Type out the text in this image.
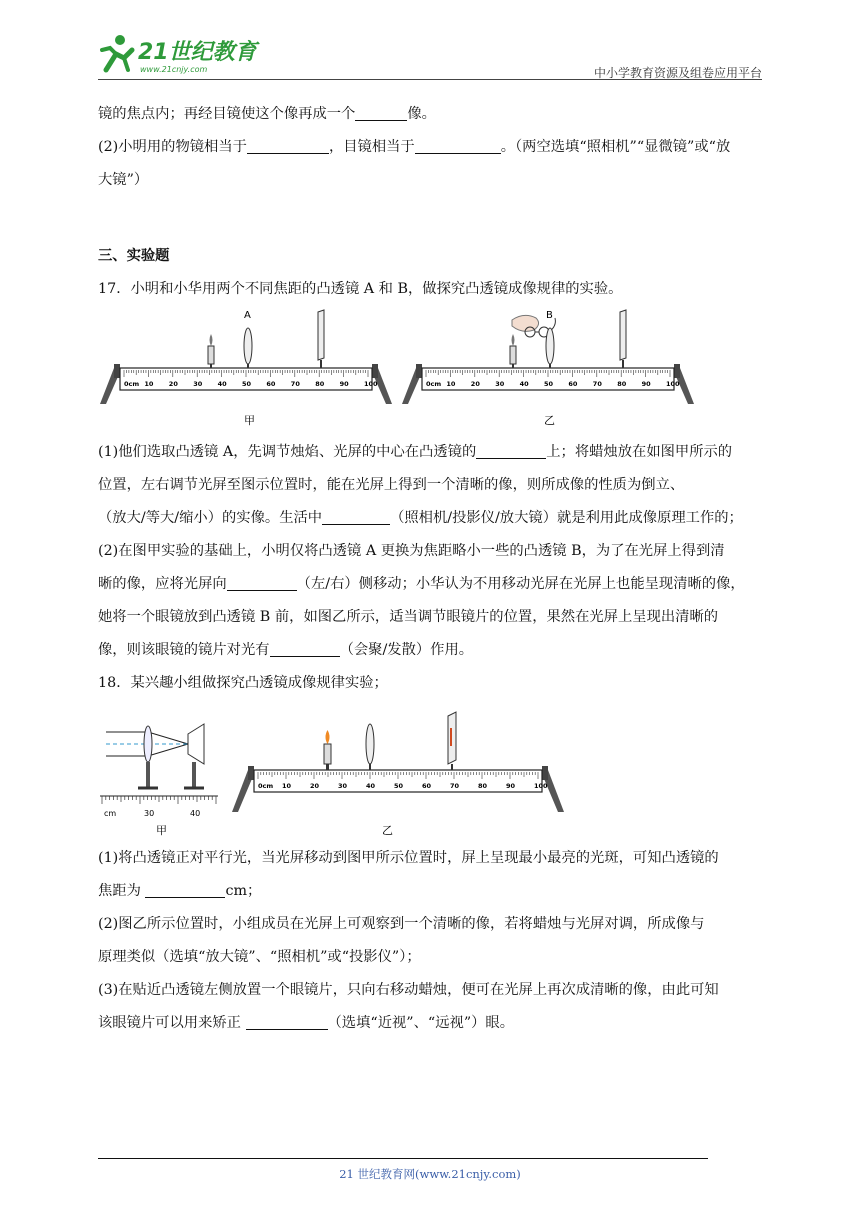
21世纪教育
www.21cnjy.com	中小学教育资源及组卷应用平台
镜的焦点内；再经目镜使这个像再成一个	像。
(2)小明用的物镜相当于	，目镜相当于	。（两空选填“照相机”“显微镜”或“放
大镜”）
三、实验题
17．小明和小华用两个不同焦距的凸透镜 A 和 B，做探究凸透镜成像规律的实验。
0cm 10 20 30 40 50 60 70 80 90 100
A
甲
0cm 10 20 30 40 50 60 70 80 90 100
B
乙
(1)他们选取凸透镜 A，先调节烛焰、光屏的中心在凸透镜的	上；将蜡烛放在如图甲所示的
位置，左右调节光屏至图示位置时，能在光屏上得到一个清晰的像，则所成像的性质为倒立、
（放大/等大/缩小）的实像。生活中	（照相机/投影仪/放大镜）就是利用此成像原理工作的；
(2)在图甲实验的基础上，小明仅将凸透镜 A 更换为焦距略小一些的凸透镜 B，为了在光屏上得到清
晰的像，应将光屏向	（左/右）侧移动；小华认为不用移动光屏在光屏上也能呈现清晰的像，
她将一个眼镜放到凸透镜 B 前，如图乙所示，适当调节眼镜片的位置，果然在光屏上呈现出清晰的
像，则该眼镜的镜片对光有	（会聚/发散）作用。
18．某兴趣小组做探究凸透镜成像规律实验；
cm	30	40
甲
0cm 10	20	30	40	50	60	70	80	90	100
乙
(1)将凸透镜正对平行光，当光屏移动到图甲所示位置时，屏上呈现最小最亮的光斑，可知凸透镜的
焦距为	cm；
(2)图乙所示位置时，小组成员在光屏上可观察到一个清晰的像，若将蜡烛与光屏对调，所成像与
原理类似（选填“放大镜”、“照相机”或“投影仪”）；
(3)在贴近凸透镜左侧放置一个眼镜片，只向右移动蜡烛，便可在光屏上再次成清晰的像，由此可知
该眼镜片可以用来矫正	（选填“近视”、“远视”）眼。
21 世纪教育网(www.21cnjy.com)
